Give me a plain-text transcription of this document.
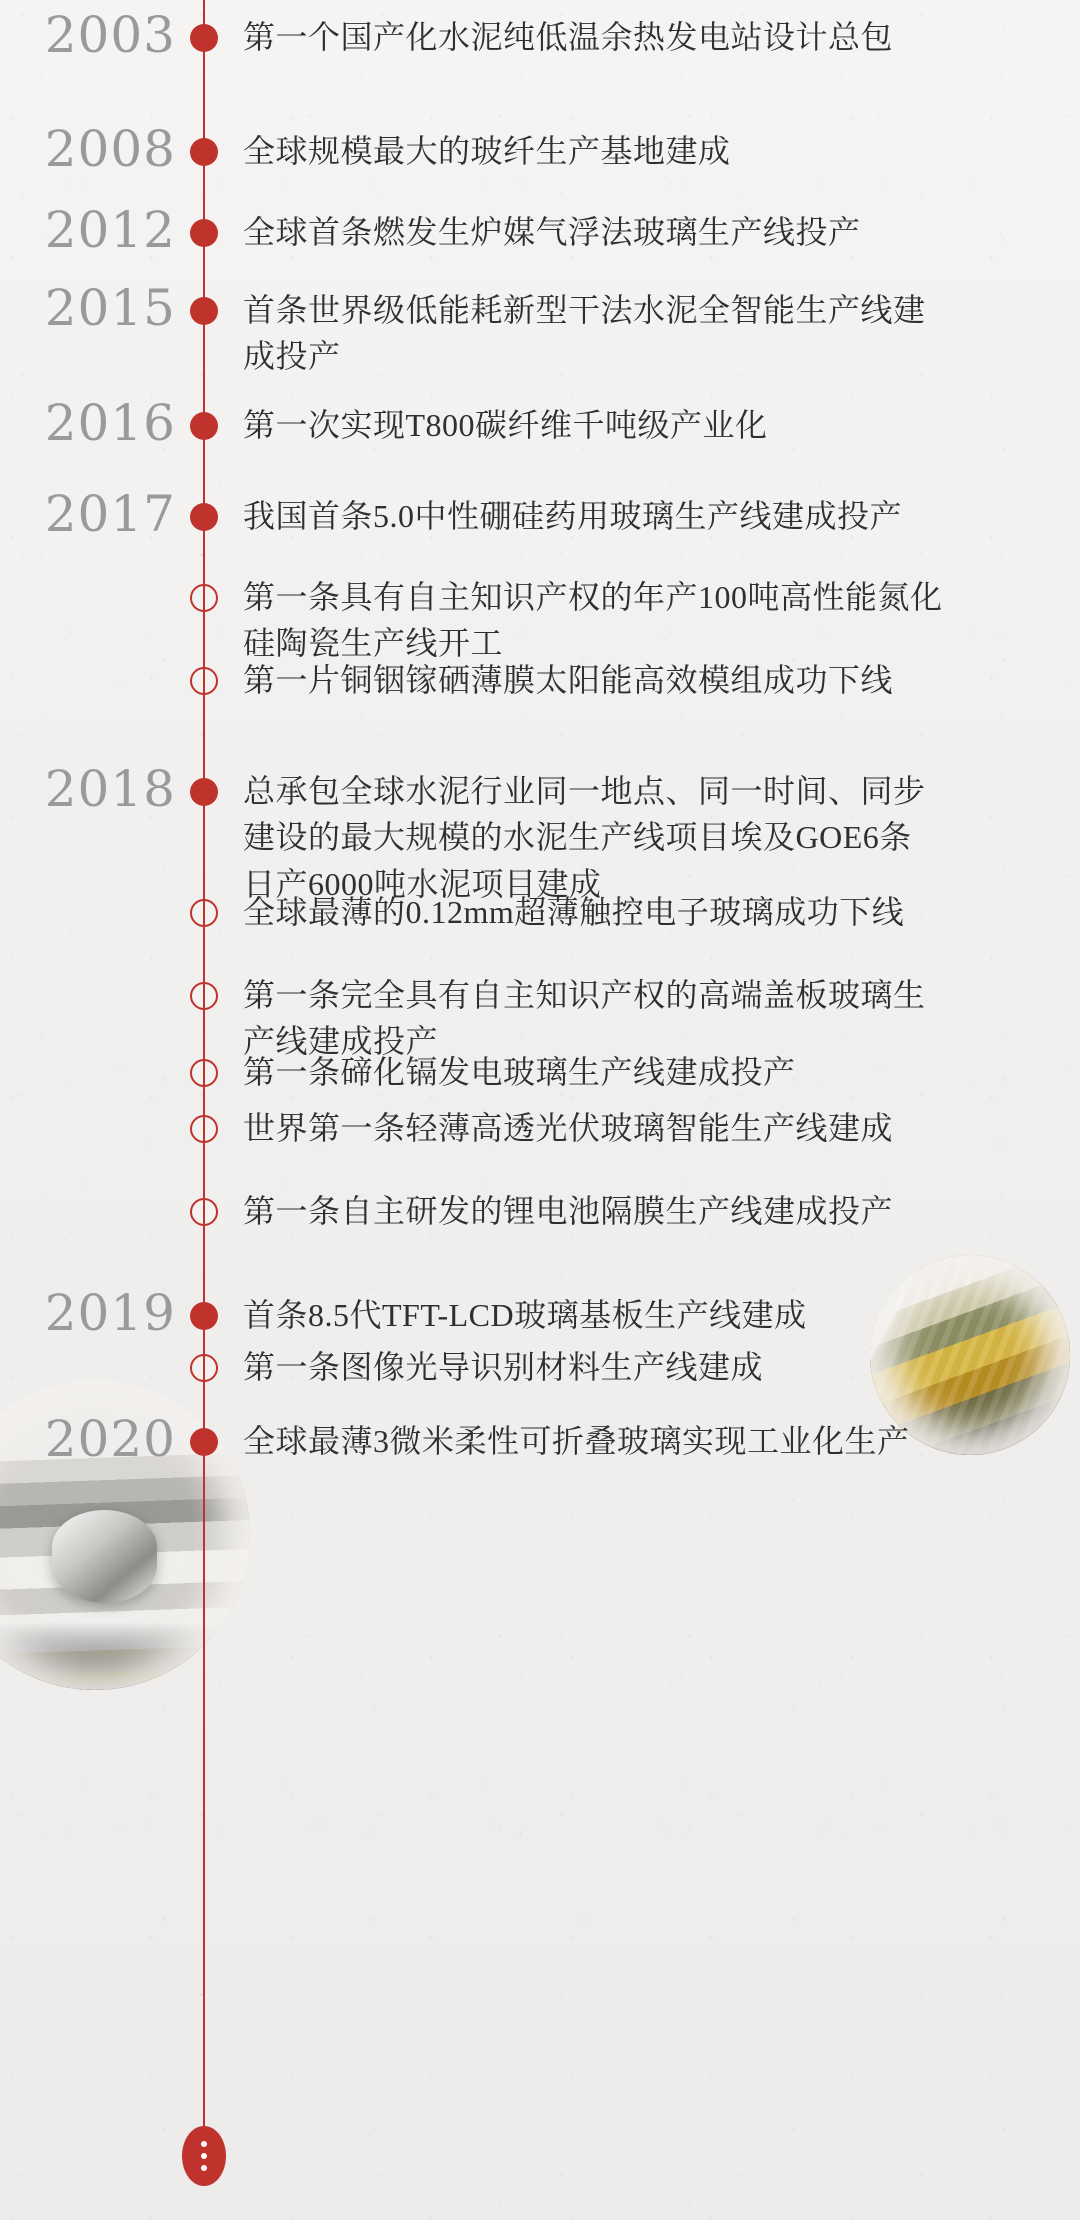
2003 第一个国产化水泥纯低温余热发电站设计总包
2008 全球规模最大的玻纤生产基地建成
2012 全球首条燃发生炉媒气浮法玻璃生产线投产
2015 首条世界级低能耗新型干法水泥全智能生产线建成投产
2016 第一次实现T800碳纤维千吨级产业化
2017 我国首条5.0中性硼硅药用玻璃生产线建成投产
第一条具有自主知识产权的年产100吨高性能氮化硅陶瓷生产线开工
第一片铜铟镓硒薄膜太阳能高效模组成功下线
2018 总承包全球水泥行业同一地点、同一时间、同步建设的最大规模的水泥生产线项目埃及GOE6条日产6000吨水泥项目建成
全球最薄的0.12mm超薄触控电子玻璃成功下线
第一条完全具有自主知识产权的高端盖板玻璃生产线建成投产
第一条碲化镉发电玻璃生产线建成投产
世界第一条轻薄高透光伏玻璃智能生产线建成
第一条自主研发的锂电池隔膜生产线建成投产
2019 首条8.5代TFT-LCD玻璃基板生产线建成
第一条图像光导识别材料生产线建成
2020 全球最薄3微米柔性可折叠玻璃实现工业化生产
